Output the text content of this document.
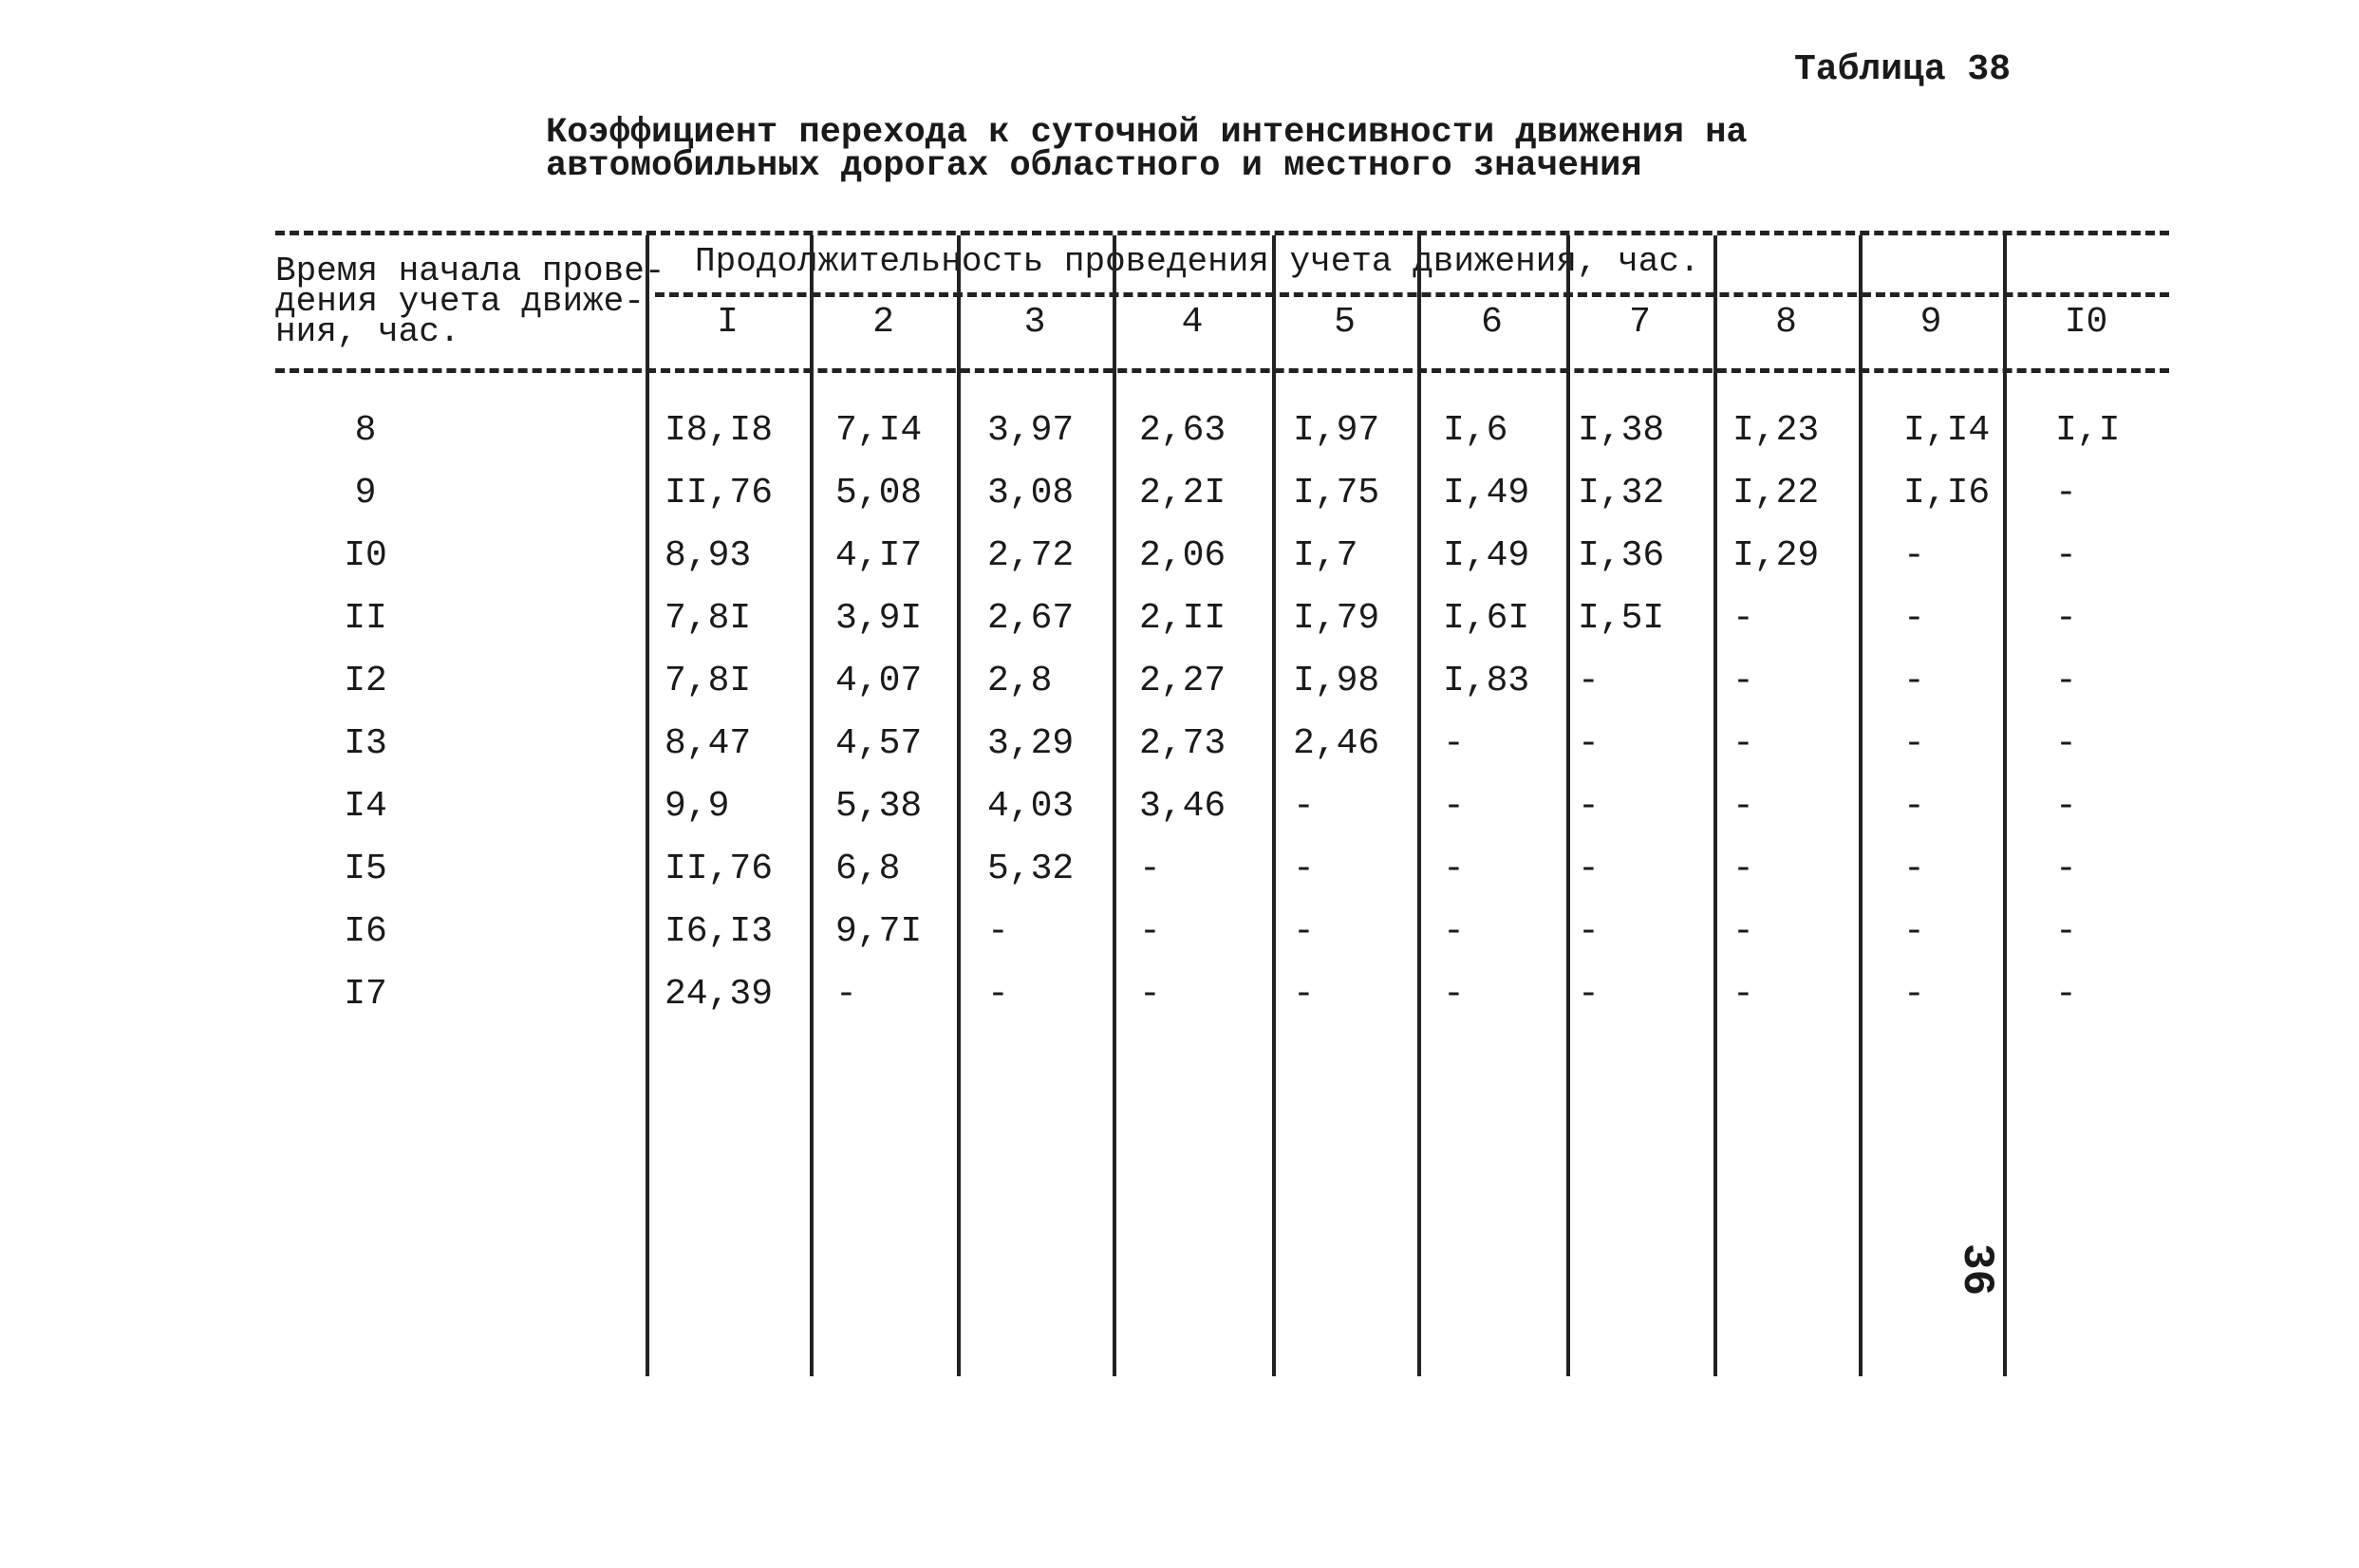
Таблица 38
Коэффициент перехода к суточной интенсивности движения на
автомобильных дорогах областного и местного значения
Время начала прове-
дения учета движе-
ния, час.
Продолжительность проведения учета движения, час.
I	2	3	4	5	6	7	8	9	I0
8	I8,I8 7,I4 3,97 2,63 I,97 I,6 I,38 I,23 I,I4 I,I
9	II,76 5,08 3,08 2,2I I,75 I,49 I,32 I,22 I,I6 -
I0	8,93 4,I7 2,72 2,06 I,7 I,49 I,36 I,29 -	-
II	7,8I 3,9I 2,67 2,II I,79 I,6I I,5I -	-	-
I2	7,8I 4,07 2,8 2,27 I,98 I,83 -	-	-	-
I3	8,47 4,57 3,29 2,73 2,46 -	-	-	-	-
I4	9,9	5,38 4,03 3,46 -	-	-	-	-	-
I5	II,76 6,8 5,32 -	-	-	-	-	-	-
I6	I6,I3 9,7I -	-	-	-	-	-	-	-
I7	24,39 -	-	-	-	-	-	-	-	-
36
